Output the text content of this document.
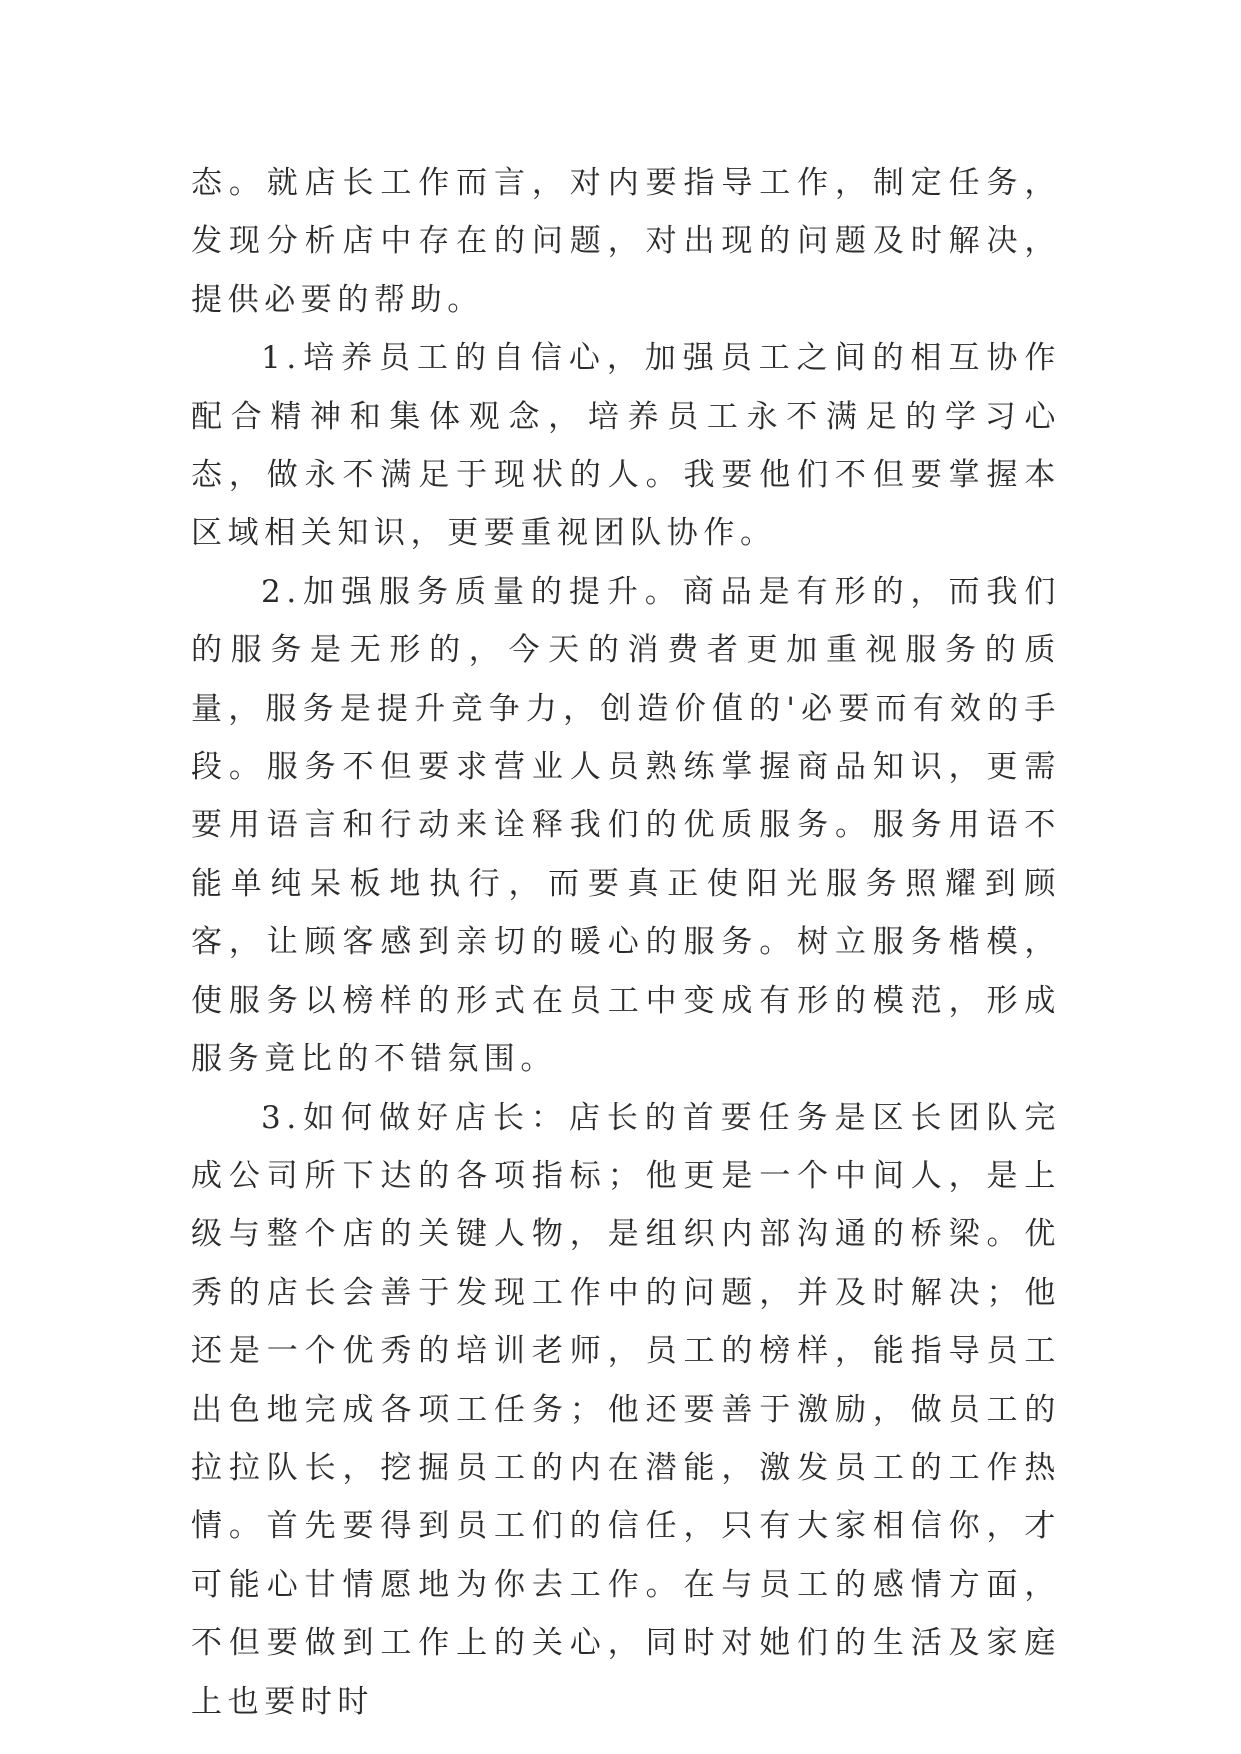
态。就店长工作而言，对内要指导工作，制定任务，发现分析店中存在的问题，对出现的问题及时解决，提供必要的帮助。

1.培养员工的自信心，加强员工之间的相互协作配合精神和集体观念，培养员工永不满足的学习心态，做永不满足于现状的人。我要他们不但要掌握本区域相关知识，更要重视团队协作。

2.加强服务质量的提升。商品是有形的，而我们的服务是无形的，今天的消费者更加重视服务的质量，服务是提升竞争力，创造价值的'必要而有效的手段。服务不但要求营业人员熟练掌握商品知识，更需要用语言和行动来诠释我们的优质服务。服务用语不能单纯呆板地执行，而要真正使阳光服务照耀到顾客，让顾客感到亲切的暖心的服务。树立服务楷模，使服务以榜样的形式在员工中变成有形的模范，形成服务竟比的不错氛围。

3.如何做好店长：店长的首要任务是区长团队完成公司所下达的各项指标；他更是一个中间人，是上级与整个店的关键人物，是组织内部沟通的桥梁。优秀的店长会善于发现工作中的问题，并及时解决；他还是一个优秀的培训老师，员工的榜样，能指导员工出色地完成各项工任务；他还要善于激励，做员工的拉拉队长，挖掘员工的内在潜能，激发员工的工作热情。首先要得到员工们的信任，只有大家相信你，才可能心甘情愿地为你去工作。在与员工的感情方面，不但要做到工作上的关心，同时对她们的生活及家庭上也要时时
